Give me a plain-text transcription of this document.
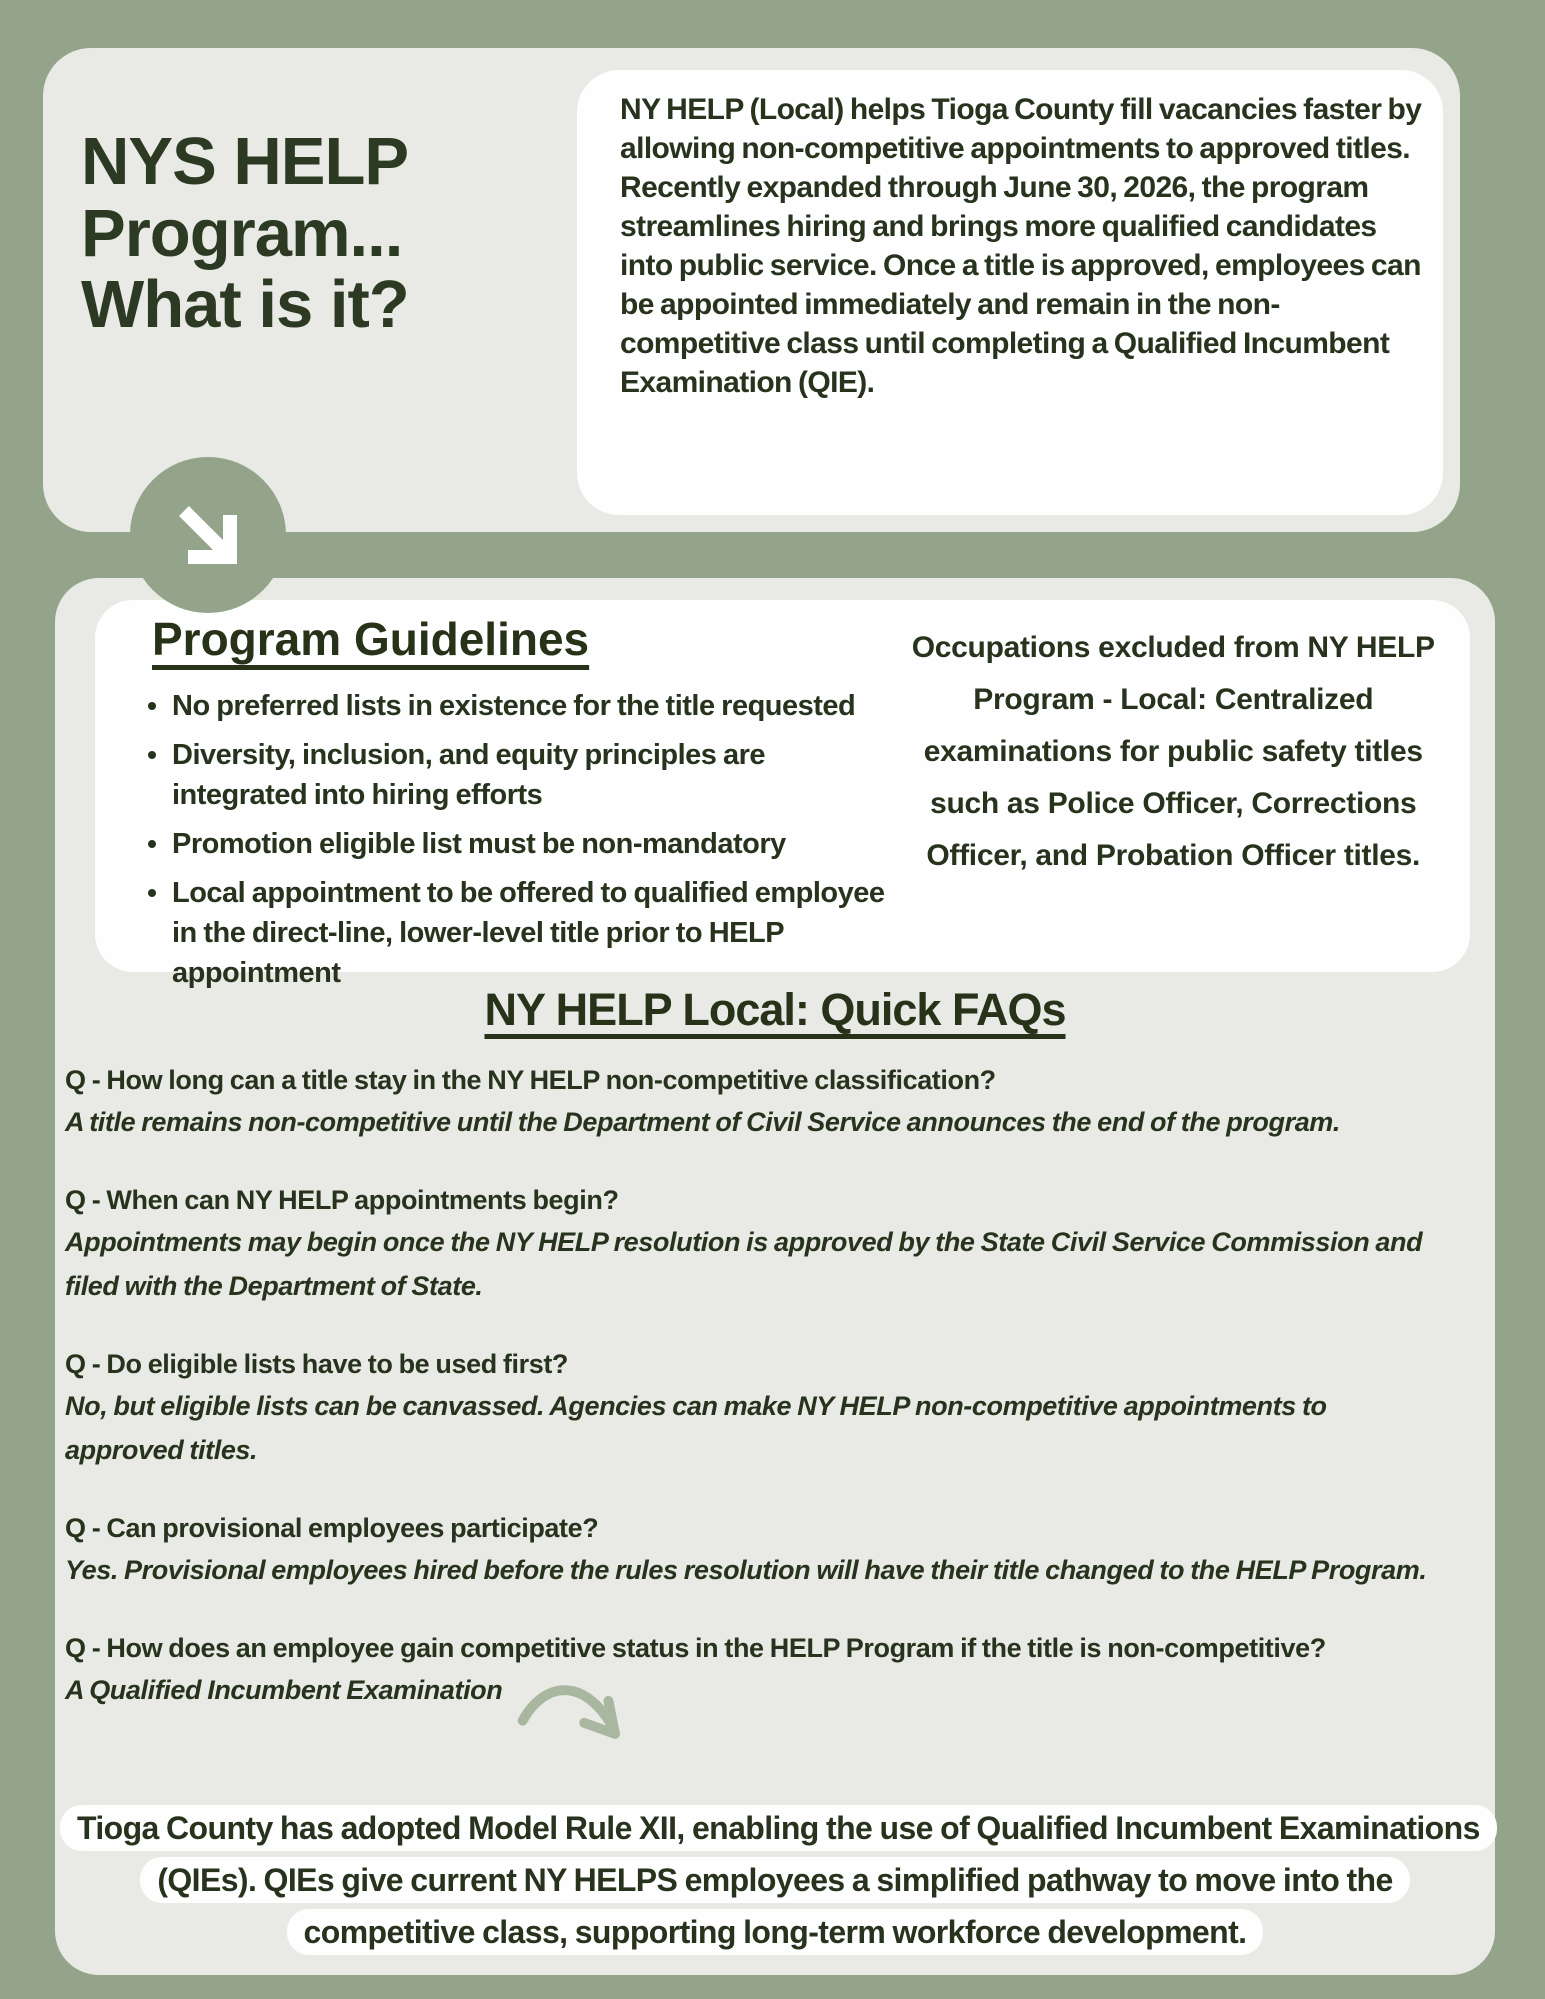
NYS HELP Program... What is it?

NY HELP (Local) helps Tioga County fill vacancies faster by allowing non-competitive appointments to approved titles. Recently expanded through June 30, 2026, the program streamlines hiring and brings more qualified candidates into public service. Once a title is approved, employees can be appointed immediately and remain in the non-competitive class until completing a Qualified Incumbent Examination (QIE).

Program Guidelines
No preferred lists in existence for the title requested
Diversity, inclusion, and equity principles are integrated into hiring efforts
Promotion eligible list must be non-mandatory
Local appointment to be offered to qualified employee in the direct-line, lower-level title prior to HELP appointment

Occupations excluded from NY HELP Program - Local: Centralized examinations for public safety titles such as Police Officer, Corrections Officer, and Probation Officer titles.

NY HELP Local: Quick FAQs
Q - How long can a title stay in the NY HELP non-competitive classification?
A title remains non-competitive until the Department of Civil Service announces the end of the program.
Q - When can NY HELP appointments begin?
Appointments may begin once the NY HELP resolution is approved by the State Civil Service Commission and filed with the Department of State.
Q - Do eligible lists have to be used first?
No, but eligible lists can be canvassed. Agencies can make NY HELP non-competitive appointments to approved titles.
Q - Can provisional employees participate?
Yes. Provisional employees hired before the rules resolution will have their title changed to the HELP Program.
Q - How does an employee gain competitive status in the HELP Program if the title is non-competitive?
A Qualified Incumbent Examination
Tioga County has adopted Model Rule XII, enabling the use of Qualified Incumbent Examinations (QIEs). QIEs give current NY HELPS employees a simplified pathway to move into the competitive class, supporting long-term workforce development.
